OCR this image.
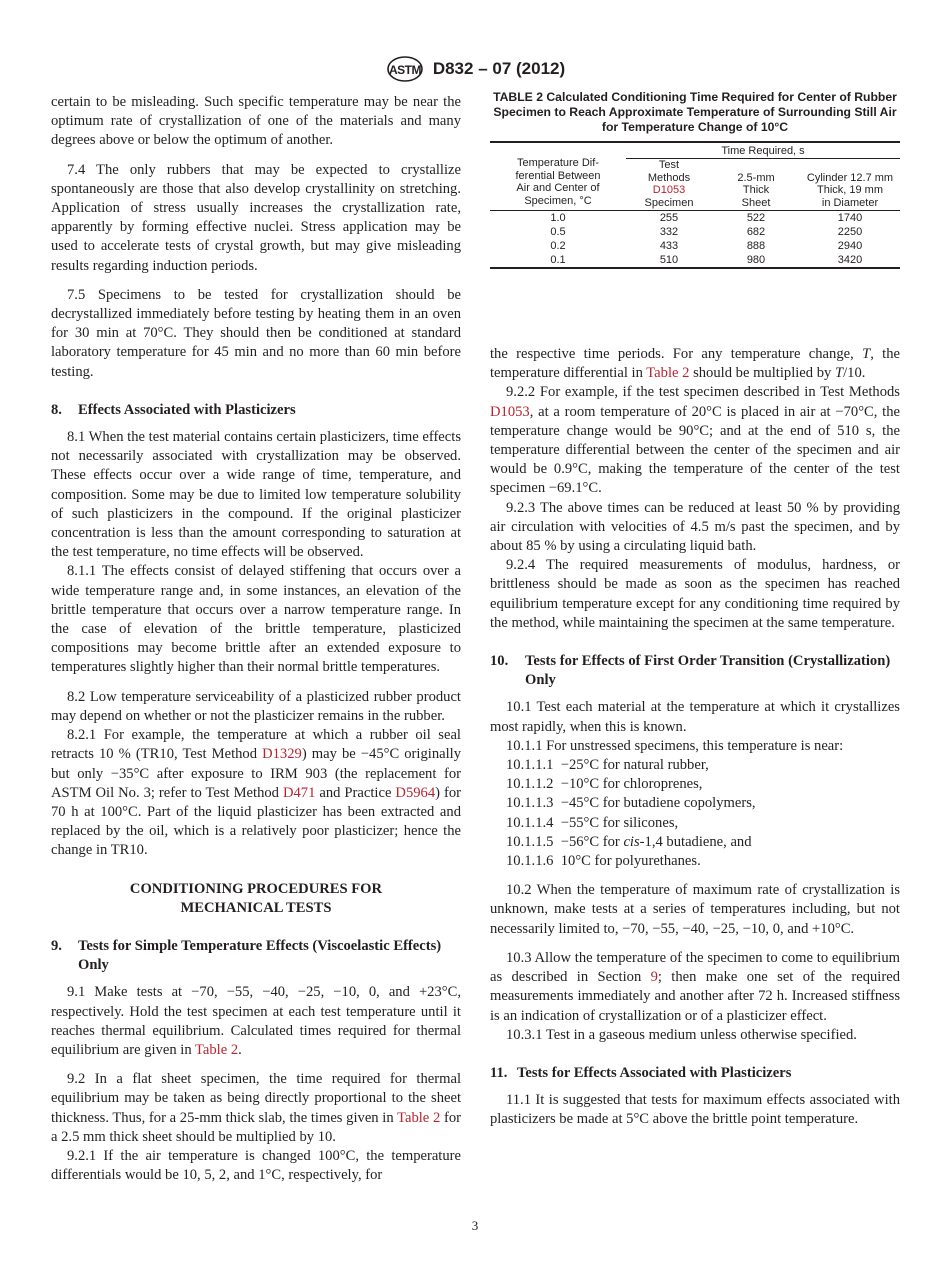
ASTM D832 – 07 (2012)

certain to be misleading. Such specific temperature may be near the optimum rate of crystallization of one of the materials and many degrees above or below the optimum of another.

7.4 The only rubbers that may be expected to crystallize spontaneously are those that also develop crystallinity on stretching. Application of stress usually increases the crystallization rate, apparently by forming effective nuclei. Stress application may be used to accelerate tests of crystal growth, but may give misleading results regarding induction periods.

7.5 Specimens to be tested for crystallization should be decrystallized immediately before testing by heating them in an oven for 30 min at 70°C. They should then be conditioned at standard laboratory temperature for 45 min and no more than 60 min before testing.

8. Effects Associated with Plasticizers

8.1 When the test material contains certain plasticizers, time effects not necessarily associated with crystallization may be observed. These effects occur over a wide range of time, temperature, and composition. Some may be due to limited low temperature solubility of such plasticizers in the compound. If the original plasticizer concentration is less than the amount corresponding to saturation at the test temperature, no time effects will be observed.

8.1.1 The effects consist of delayed stiffening that occurs over a wide temperature range and, in some instances, an elevation of the brittle temperature that occurs over a narrow temperature range. In the case of elevation of the brittle temperature, plasticized compositions may become brittle after an extended exposure to temperatures slightly higher than their normal brittle temperatures.

8.2 Low temperature serviceability of a plasticized rubber product may depend on whether or not the plasticizer remains in the rubber.

8.2.1 For example, the temperature at which a rubber oil seal retracts 10 % (TR10, Test Method D1329) may be −45°C originally but only −35°C after exposure to IRM 903 (the replacement for ASTM Oil No. 3; refer to Test Method D471 and Practice D5964) for 70 h at 100°C. Part of the liquid plasticizer has been extracted and replaced by the oil, which is a relatively poor plasticizer; hence the change in TR10.

CONDITIONING PROCEDURES FOR
MECHANICAL TESTS

9. Tests for Simple Temperature Effects (Viscoelastic Effects) Only

9.1 Make tests at −70, −55, −40, −25, −10, 0, and +23°C, respectively. Hold the test specimen at each test temperature until it reaches thermal equilibrium. Calculated times required for thermal equilibrium are given in Table 2.

9.2 In a flat sheet specimen, the time required for thermal equilibrium may be taken as being directly proportional to the sheet thickness. Thus, for a 25-mm thick slab, the times given in Table 2 for a 2.5 mm thick sheet should be multiplied by 10.

9.2.1 If the air temperature is changed 100°C, the temperature differentials would be 10, 5, 2, and 1°C, respectively, for

TABLE 2 Calculated Conditioning Time Required for Center of Rubber Specimen to Reach Approximate Temperature of Surrounding Still Air for Temperature Change of 10°C
Temperature Dif-
ferential Between
Air and Center of
Specimen, °C	Time Required, s		

Test
Methods
D1053
Specimen

2.5-mm
Thick
Sheet

Cylinder 12.7 mm
Thick, 19 mm
in Diameter

1.0	255	522	1740
0.5	332	682	2250
0.2	433	888	2940
0.1	510	980	3420

the respective time periods. For any temperature change, T, the temperature differential in Table 2 should be multiplied by T/10.

9.2.2 For example, if the test specimen described in Test Methods D1053, at a room temperature of 20°C is placed in air at −70°C, the temperature change would be 90°C; and at the end of 510 s, the temperature differential between the center of the specimen and air would be 0.9°C, making the temperature of the center of the test specimen −69.1°C.

9.2.3 The above times can be reduced at least 50 % by providing air circulation with velocities of 4.5 m/s past the specimen, and by about 85 % by using a circulating liquid bath.

9.2.4 The required measurements of modulus, hardness, or brittleness should be made as soon as the specimen has reached equilibrium temperature except for any conditioning time required by the method, while maintaining the specimen at the same temperature.

10. Tests for Effects of First Order Transition (Crystallization) Only

10.1 Test each material at the temperature at which it crystallizes most rapidly, when this is known.

10.1.1 For unstressed specimens, this temperature is near:

10.1.1.1 −25°C for natural rubber,

10.1.1.2 −10°C for chloroprenes,

10.1.1.3 −45°C for butadiene copolymers,

10.1.1.4 −55°C for silicones,

10.1.1.5 −56°C for cis-1,4 butadiene, and

10.1.1.6 10°C for polyurethanes.

10.2 When the temperature of maximum rate of crystallization is unknown, make tests at a series of temperatures including, but not necessarily limited to, −70, −55, −40, −25, −10, 0, and +10°C.

10.3 Allow the temperature of the specimen to come to equilibrium as described in Section 9; then make one set of the required measurements immediately and another after 72 h. Increased stiffness is an indication of crystallization or of a plasticizer effect.

10.3.1 Test in a gaseous medium unless otherwise specified.

11. Tests for Effects Associated with Plasticizers

11.1 It is suggested that tests for maximum effects associated with plasticizers be made at 5°C above the brittle point temperature.

3
